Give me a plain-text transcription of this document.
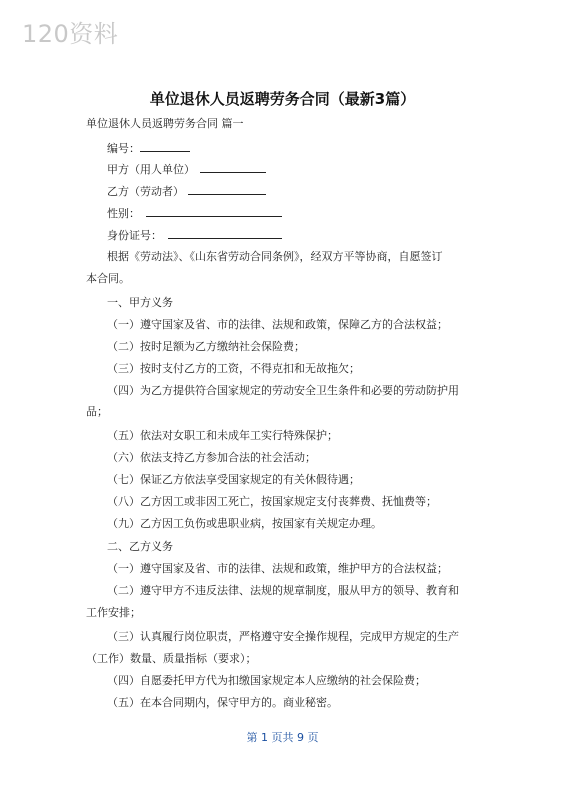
120资料
单位退休人员返聘劳务合同（最新3篇）
单位退休人员返聘劳务合同 篇一
编号：
甲方（用人单位）
乙方（劳动者）
性别：
身份证号：
根据《劳动法》、《山东省劳动合同条例》，经双方平等协商，自愿签订
本合同。
一、甲方义务
（一）遵守国家及省、市的法律、法规和政策，保障乙方的合法权益；
（二）按时足额为乙方缴纳社会保险费；
（三）按时支付乙方的工资，不得克扣和无故拖欠；
（四）为乙方提供符合国家规定的劳动安全卫生条件和必要的劳动防护用
品；
（五）依法对女职工和未成年工实行特殊保护；
（六）依法支持乙方参加合法的社会活动；
（七）保证乙方依法享受国家规定的有关休假待遇；
（八）乙方因工或非因工死亡，按国家规定支付丧葬费、抚恤费等；
（九）乙方因工负伤或患职业病，按国家有关规定办理。
二、乙方义务
（一）遵守国家及省、市的法律、法规和政策，维护甲方的合法权益；
（二）遵守甲方不违反法律、法规的规章制度，服从甲方的领导、教育和
工作安排；
（三）认真履行岗位职责，严格遵守安全操作规程，完成甲方规定的生产
（工作）数量、质量指标（要求）；
（四）自愿委托甲方代为扣缴国家规定本人应缴纳的社会保险费；
（五）在本合同期内，保守甲方的。商业秘密。
第 1 页共 9 页
